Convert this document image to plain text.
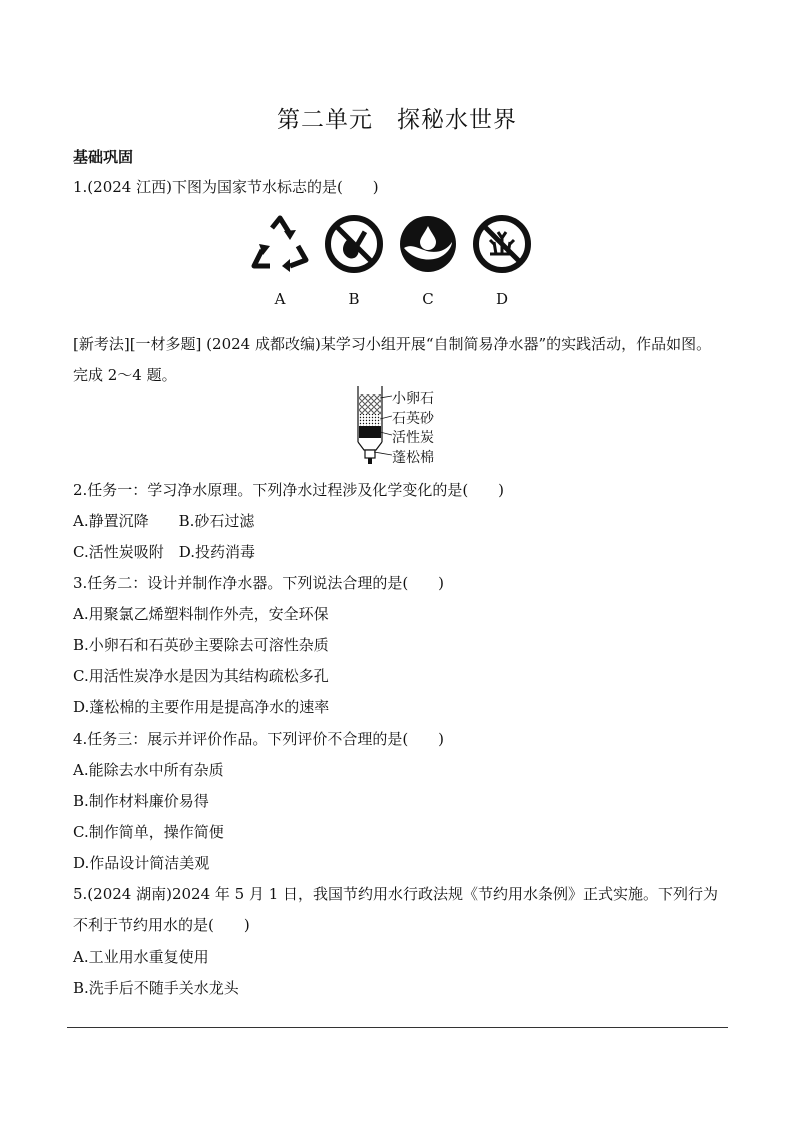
第二单元　探秘水世界
基础巩固
1.(2024 江西)下图为国家节水标志的是(　　)
A	B	C	D
[新考法][一材多题] (2024 成都改编)某学习小组开展“自制简易净水器”的实践活动，作品如图。
完成 2～4 题。
小卵石
石英砂
活性炭
蓬松棉
2.任务一：学习净水原理。下列净水过程涉及化学变化的是(　　)
A.静置沉降　　B.砂石过滤
C.活性炭吸附　D.投药消毒
3.任务二：设计并制作净水器。下列说法合理的是(　　)
A.用聚氯乙烯塑料制作外壳，安全环保
B.小卵石和石英砂主要除去可溶性杂质
C.用活性炭净水是因为其结构疏松多孔
D.蓬松棉的主要作用是提高净水的速率
4.任务三：展示并评价作品。下列评价不合理的是(　　)
A.能除去水中所有杂质
B.制作材料廉价易得
C.制作简单，操作简便
D.作品设计简洁美观
5.(2024 湖南)2024 年 5 月 1 日，我国节约用水行政法规《节约用水条例》正式实施。下列行为
不利于节约用水的是(　　)
A.工业用水重复使用
B.洗手后不随手关水龙头
